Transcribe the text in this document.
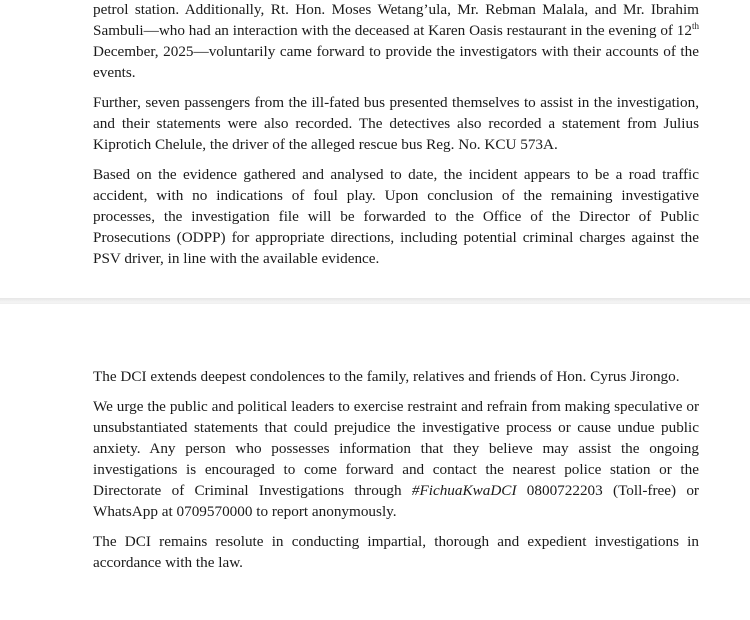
petrol station. Additionally, Rt. Hon. Moses Wetang’ula, Mr. Rebman Malala, and Mr. Ibrahim Sambuli—who had an interaction with the deceased at Karen Oasis restaurant in the evening of 12th December, 2025—voluntarily came forward to provide the investigators with their accounts of the events.

Further, seven passengers from the ill-fated bus presented themselves to assist in the investigation, and their statements were also recorded. The detectives also recorded a statement from Julius Kiprotich Chelule, the driver of the alleged rescue bus Reg. No. KCU 573A.

Based on the evidence gathered and analysed to date, the incident appears to be a road traffic accident, with no indications of foul play. Upon conclusion of the remaining investigative processes, the investigation file will be forwarded to the Office of the Director of Public Prosecutions (ODPP) for appropriate directions, including potential criminal charges against the PSV driver, in line with the available evidence.

The DCI extends deepest condolences to the family, relatives and friends of Hon. Cyrus Jirongo.

We urge the public and political leaders to exercise restraint and refrain from making speculative or unsubstantiated statements that could prejudice the investigative process or cause undue public anxiety. Any person who possesses information that they believe may assist the ongoing investigations is encouraged to come forward and contact the nearest police station or the Directorate of Criminal Investigations through #FichuaKwaDCI 0800722203 (Toll-free) or WhatsApp at 0709570000 to report anonymously.

The DCI remains resolute in conducting impartial, thorough and expedient investigations in accordance with the law.
